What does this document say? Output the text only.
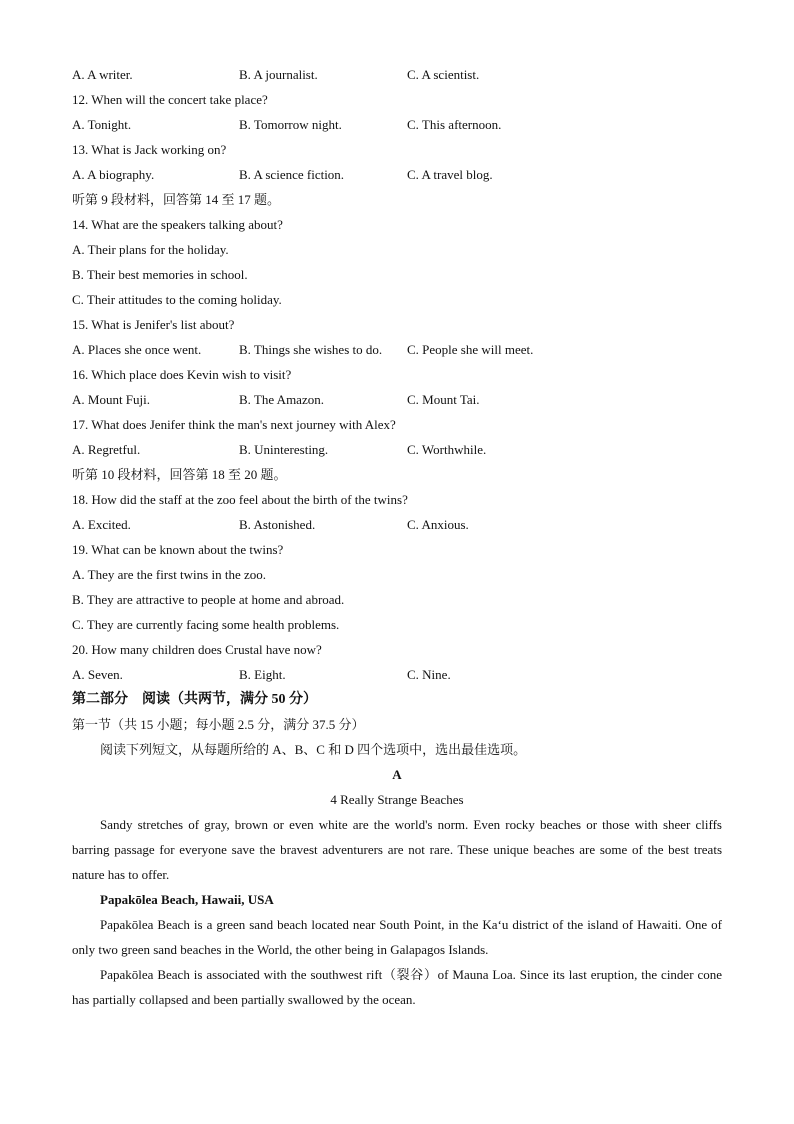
A. A writer.	B. A journalist.	C. A scientist.
12. When will the concert take place?
A. Tonight.	B. Tomorrow night.	C. This afternoon.
13. What is Jack working on?
A. A biography.	B. A science fiction.	C. A travel blog.
听第 9 段材料，回答第 14 至 17 题。
14. What are the speakers talking about?
A. Their plans for the holiday.
B. Their best memories in school.
C. Their attitudes to the coming holiday.
15. What is Jenifer's list about?
A. Places she once went.	B. Things she wishes to do. C. People she will meet.
16. Which place does Kevin wish to visit?
A. Mount Fuji.	B. The Amazon.	C. Mount Tai.
17. What does Jenifer think the man's next journey with Alex?
A. Regretful.	B. Uninteresting.	C. Worthwhile.
听第 10 段材料，回答第 18 至 20 题。
18. How did the staff at the zoo feel about the birth of the twins?
A. Excited.	B. Astonished.	C. Anxious.
19. What can be known about the twins?
A. They are the first twins in the zoo.
B. They are attractive to people at home and abroad.
C. They are currently facing some health problems.
20. How many children does Crustal have now?
A. Seven.	B. Eight.	C. Nine.
第二部分　阅读（共两节，满分 50 分）
第一节（共 15 小题；每小题 2.5 分，满分 37.5 分）
阅读下列短文，从每题所给的 A、B、C 和 D 四个选项中，选出最佳选项。
A
4 Really Strange Beaches
Sandy stretches of gray, brown or even white are the world's norm. Even rocky beaches or those with sheer cliffs barring passage for everyone save the bravest adventurers are not rare. These unique beaches are some of the best treats nature has to offer.
Papakōlea Beach, Hawaii, USA
Papakōlea Beach is a green sand beach located near South Point, in the Ka‘u district of the island of Hawaiti. One of only two green sand beaches in the World, the other being in Galapagos Islands.
Papakōlea Beach is associated with the southwest rift（裂谷）of Mauna Loa. Since its last eruption, the cinder cone has partially collapsed and been partially swallowed by the ocean.
